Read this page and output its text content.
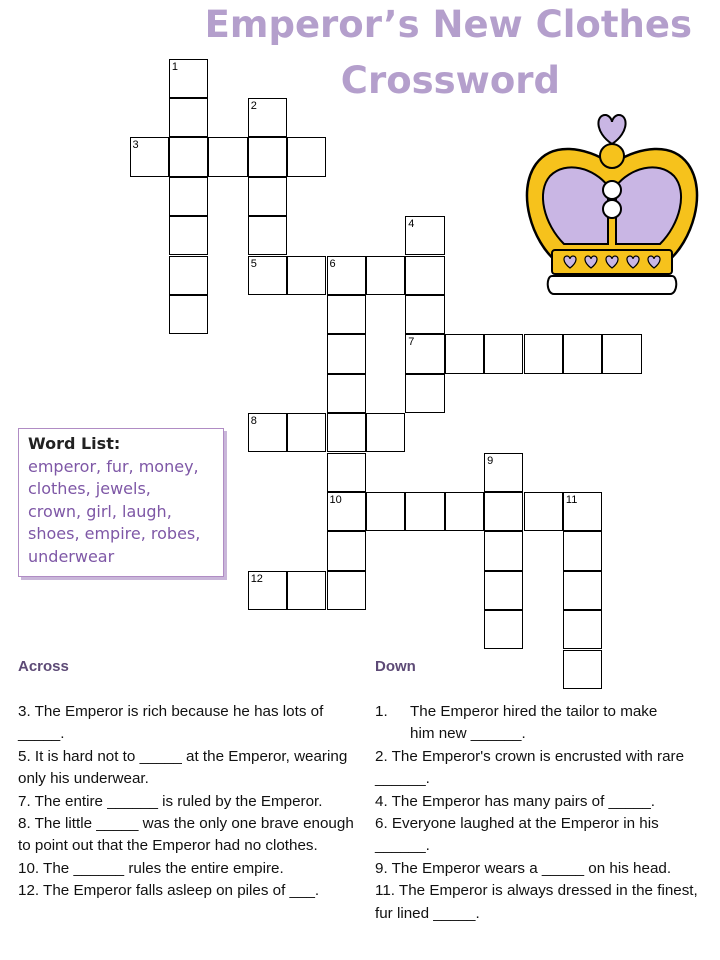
Emperor’s New Clothes
Crossword
1
2
3
4
5	6
7
8
9
10	11
12
Word List:
emperor, fur, money,
clothes, jewels,
crown, girl, laugh,
shoes, empire, robes,
underwear
Across	Down

3. The Emperor is rich because he has lots of _____.

5. It is hard not to _____ at the Emperor, wearing only his underwear.

7. The entire ______ is ruled by the Emperor.

8. The little _____ was the only one brave enough to point out that the Emperor had no clothes.

10. The ______ rules the entire empire.

12. The Emperor falls asleep on piles of ___.

1. The Emperor hired the tailor to make

him new ______.

2. The Emperor's crown is encrusted with rare ______.

4. The Emperor has many pairs of _____.

6. Everyone laughed at the Emperor in his ______.

9. The Emperor wears a _____ on his head.

11. The Emperor is always dressed in the finest, fur lined _____.
